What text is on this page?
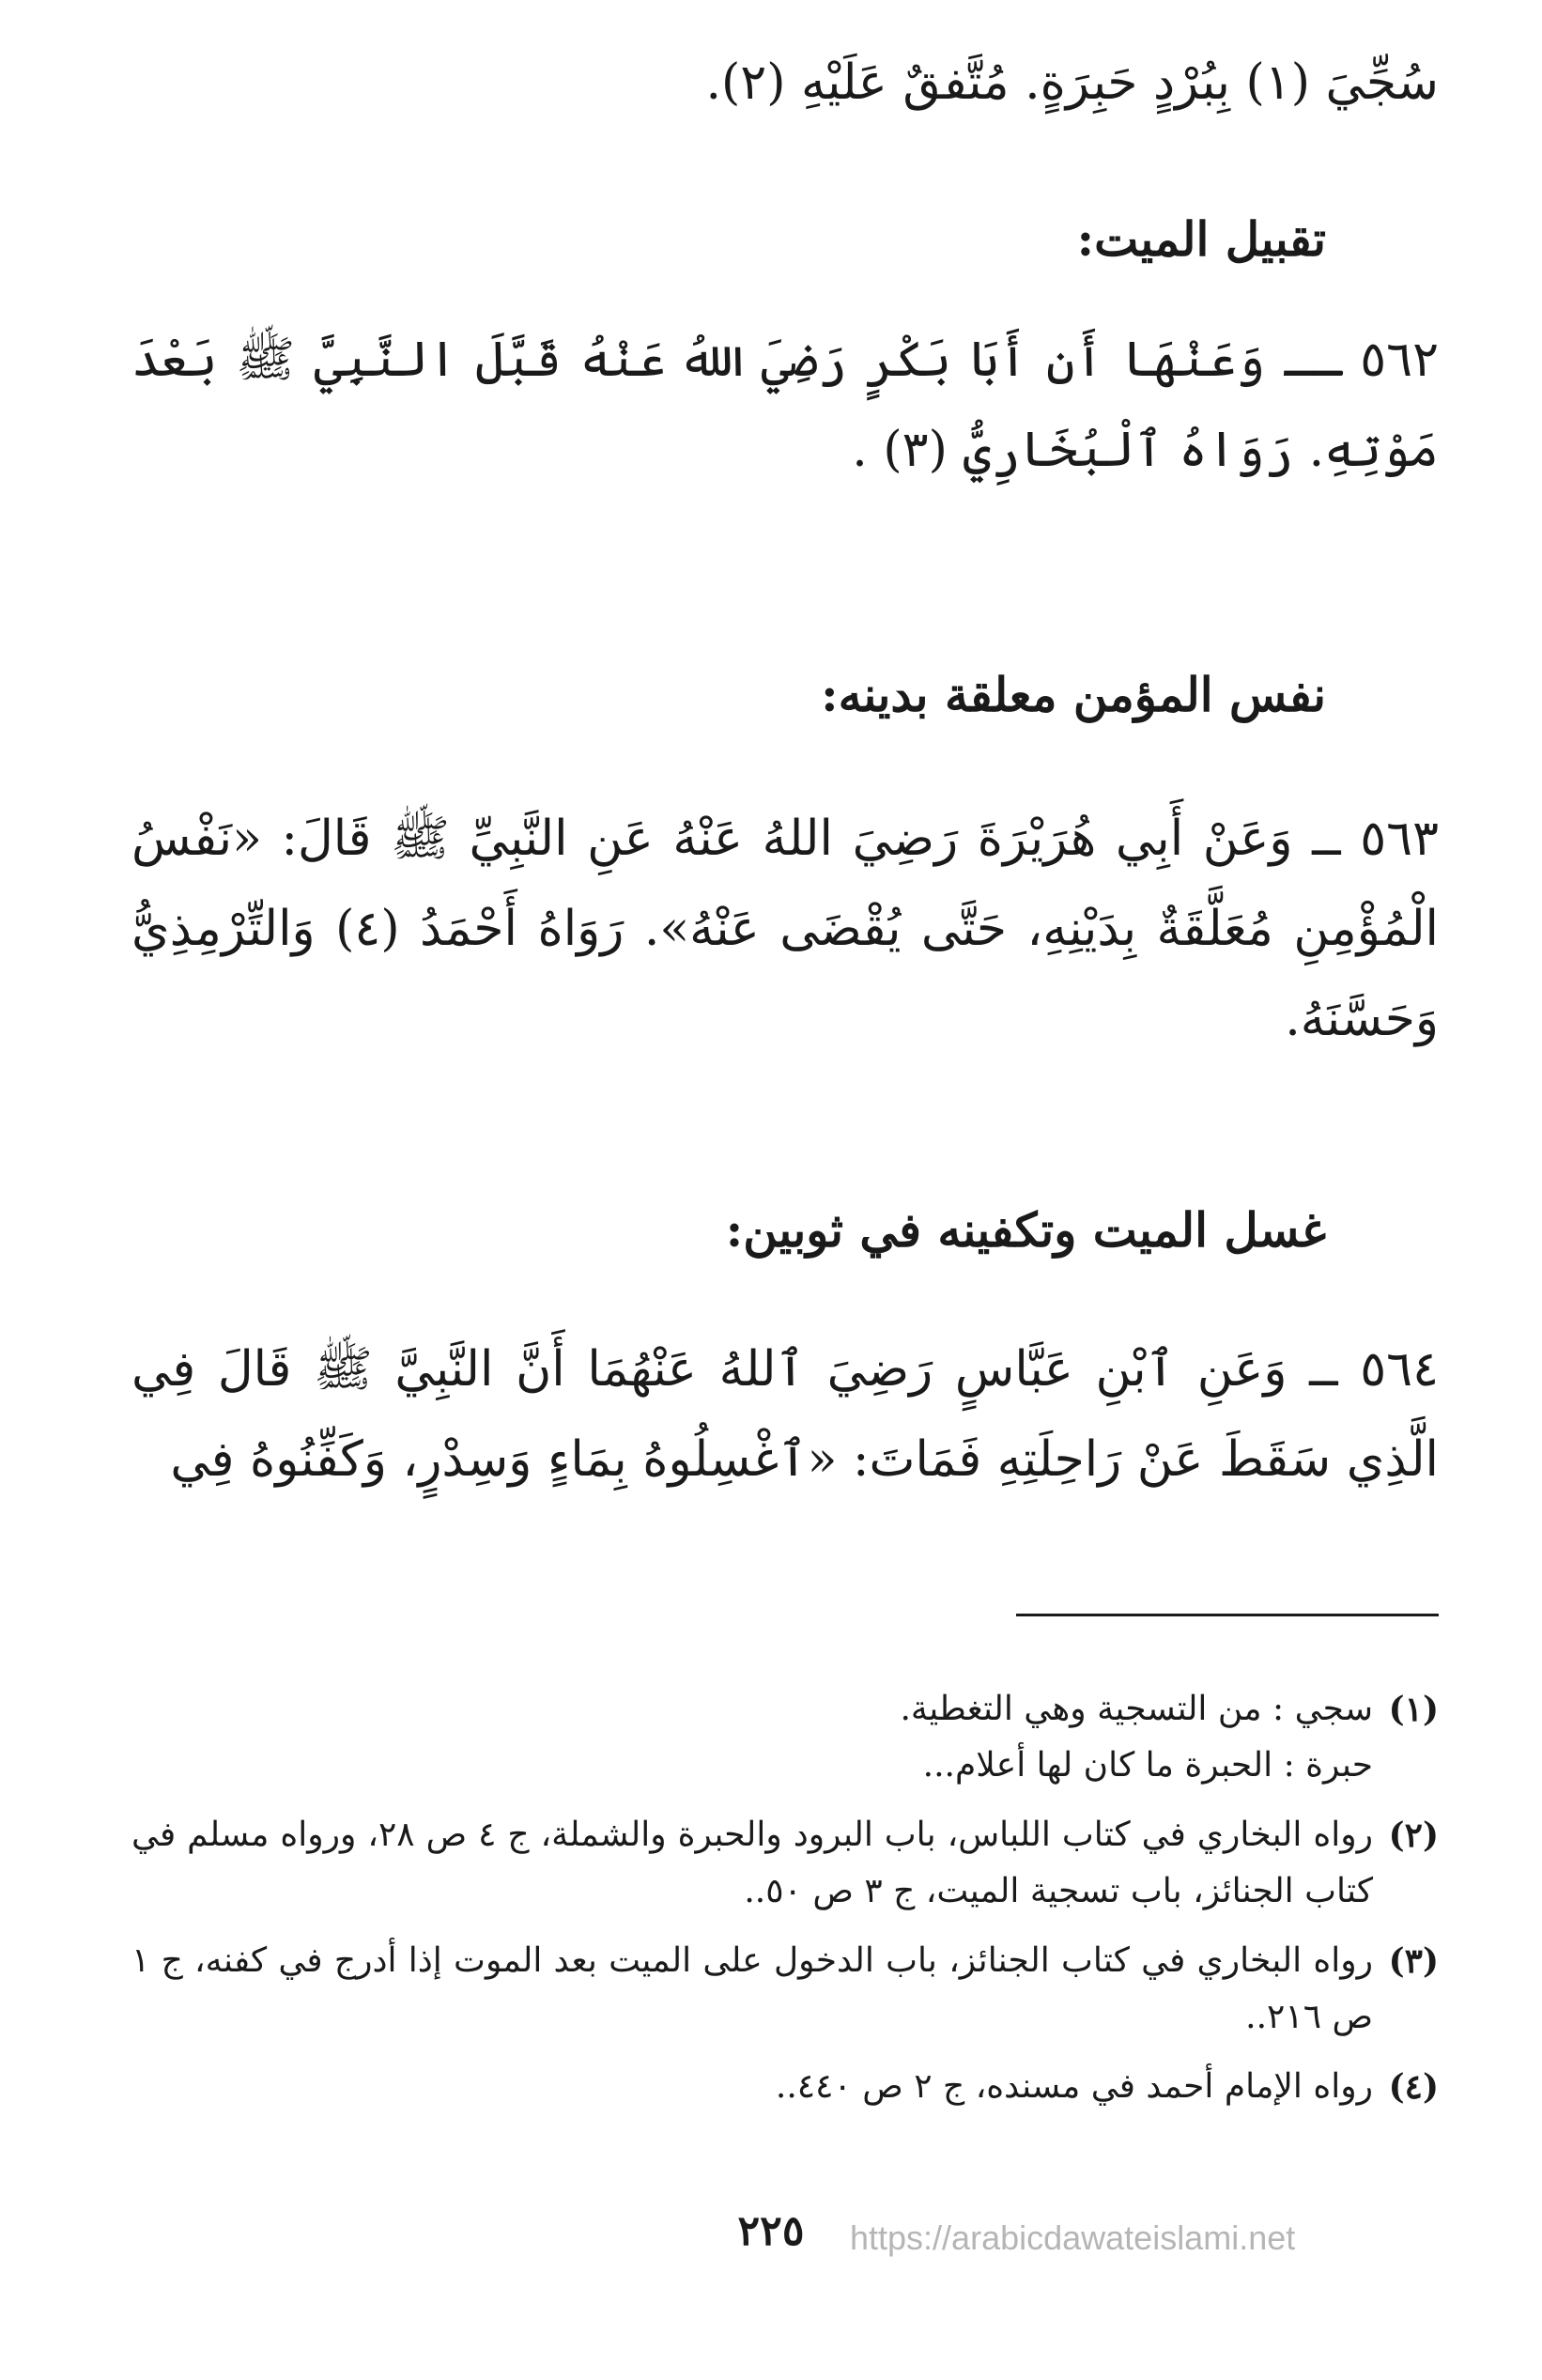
سُجِّيَ (١) بِبُرْدٍ حَبِرَةٍ. مُتَّفقٌ عَلَيْهِ (٢).
تقبيل الميت:
٥٦٢ ــ وَعَنْهَا أَن أَبَا بَكْرٍ رَضِيَ اللهُ عَنْهُ قَبَّلَ النَّبِيَّ ﷺ بَعْدَ مَوْتِهِ. رَوَاهُ ٱلْبُخَارِيُّ (٣) .
نفس المؤمن معلقة بدينه:
٥٦٣ ــ وَعَنْ أَبِي هُرَيْرَةَ رَضِيَ اللهُ عَنْهُ عَنِ النَّبِيِّ ﷺ قَالَ: «نَفْسُ الْمُؤْمِنِ مُعَلَّقَةٌ بِدَيْنِهِ، حَتَّى يُقْضَى عَنْهُ». رَوَاهُ أَحْمَدُ (٤) وَالتِّرْمِذِيُّ وَحَسَّنَهُ.
غسل الميت وتكفينه في ثوبين:
٥٦٤ ــ وَعَنِ ٱبْنِ عَبَّاسٍ رَضِيَ ٱللهُ عَنْهُمَا أَنَّ النَّبِيَّ ﷺ قَالَ فِي الَّذِي سَقَطَ عَنْ رَاحِلَتِهِ فَمَاتَ: «ٱغْسِلُوهُ بِمَاءٍ وَسِدْرٍ، وَكَفِّنُوهُ فِي
(١)
سجي : من التسجية وهي التغطية.
حبرة : الحبرة ما كان لها أعلام...
(٢)
رواه البخاري في كتاب اللباس، باب البرود والحبرة والشملة، ج ٤ ص ٢٨، ورواه مسلم في كتاب الجنائز، باب تسجية الميت، ج ٣ ص ٥٠..
(٣)
رواه البخاري في كتاب الجنائز، باب الدخول على الميت بعد الموت إذا أدرج في كفنه، ج ١ ص ٢١٦..
(٤)
رواه الإمام أحمد في مسنده، ج ٢ ص ٤٤٠..
٢٢٥	https://arabicdawateislami.net
